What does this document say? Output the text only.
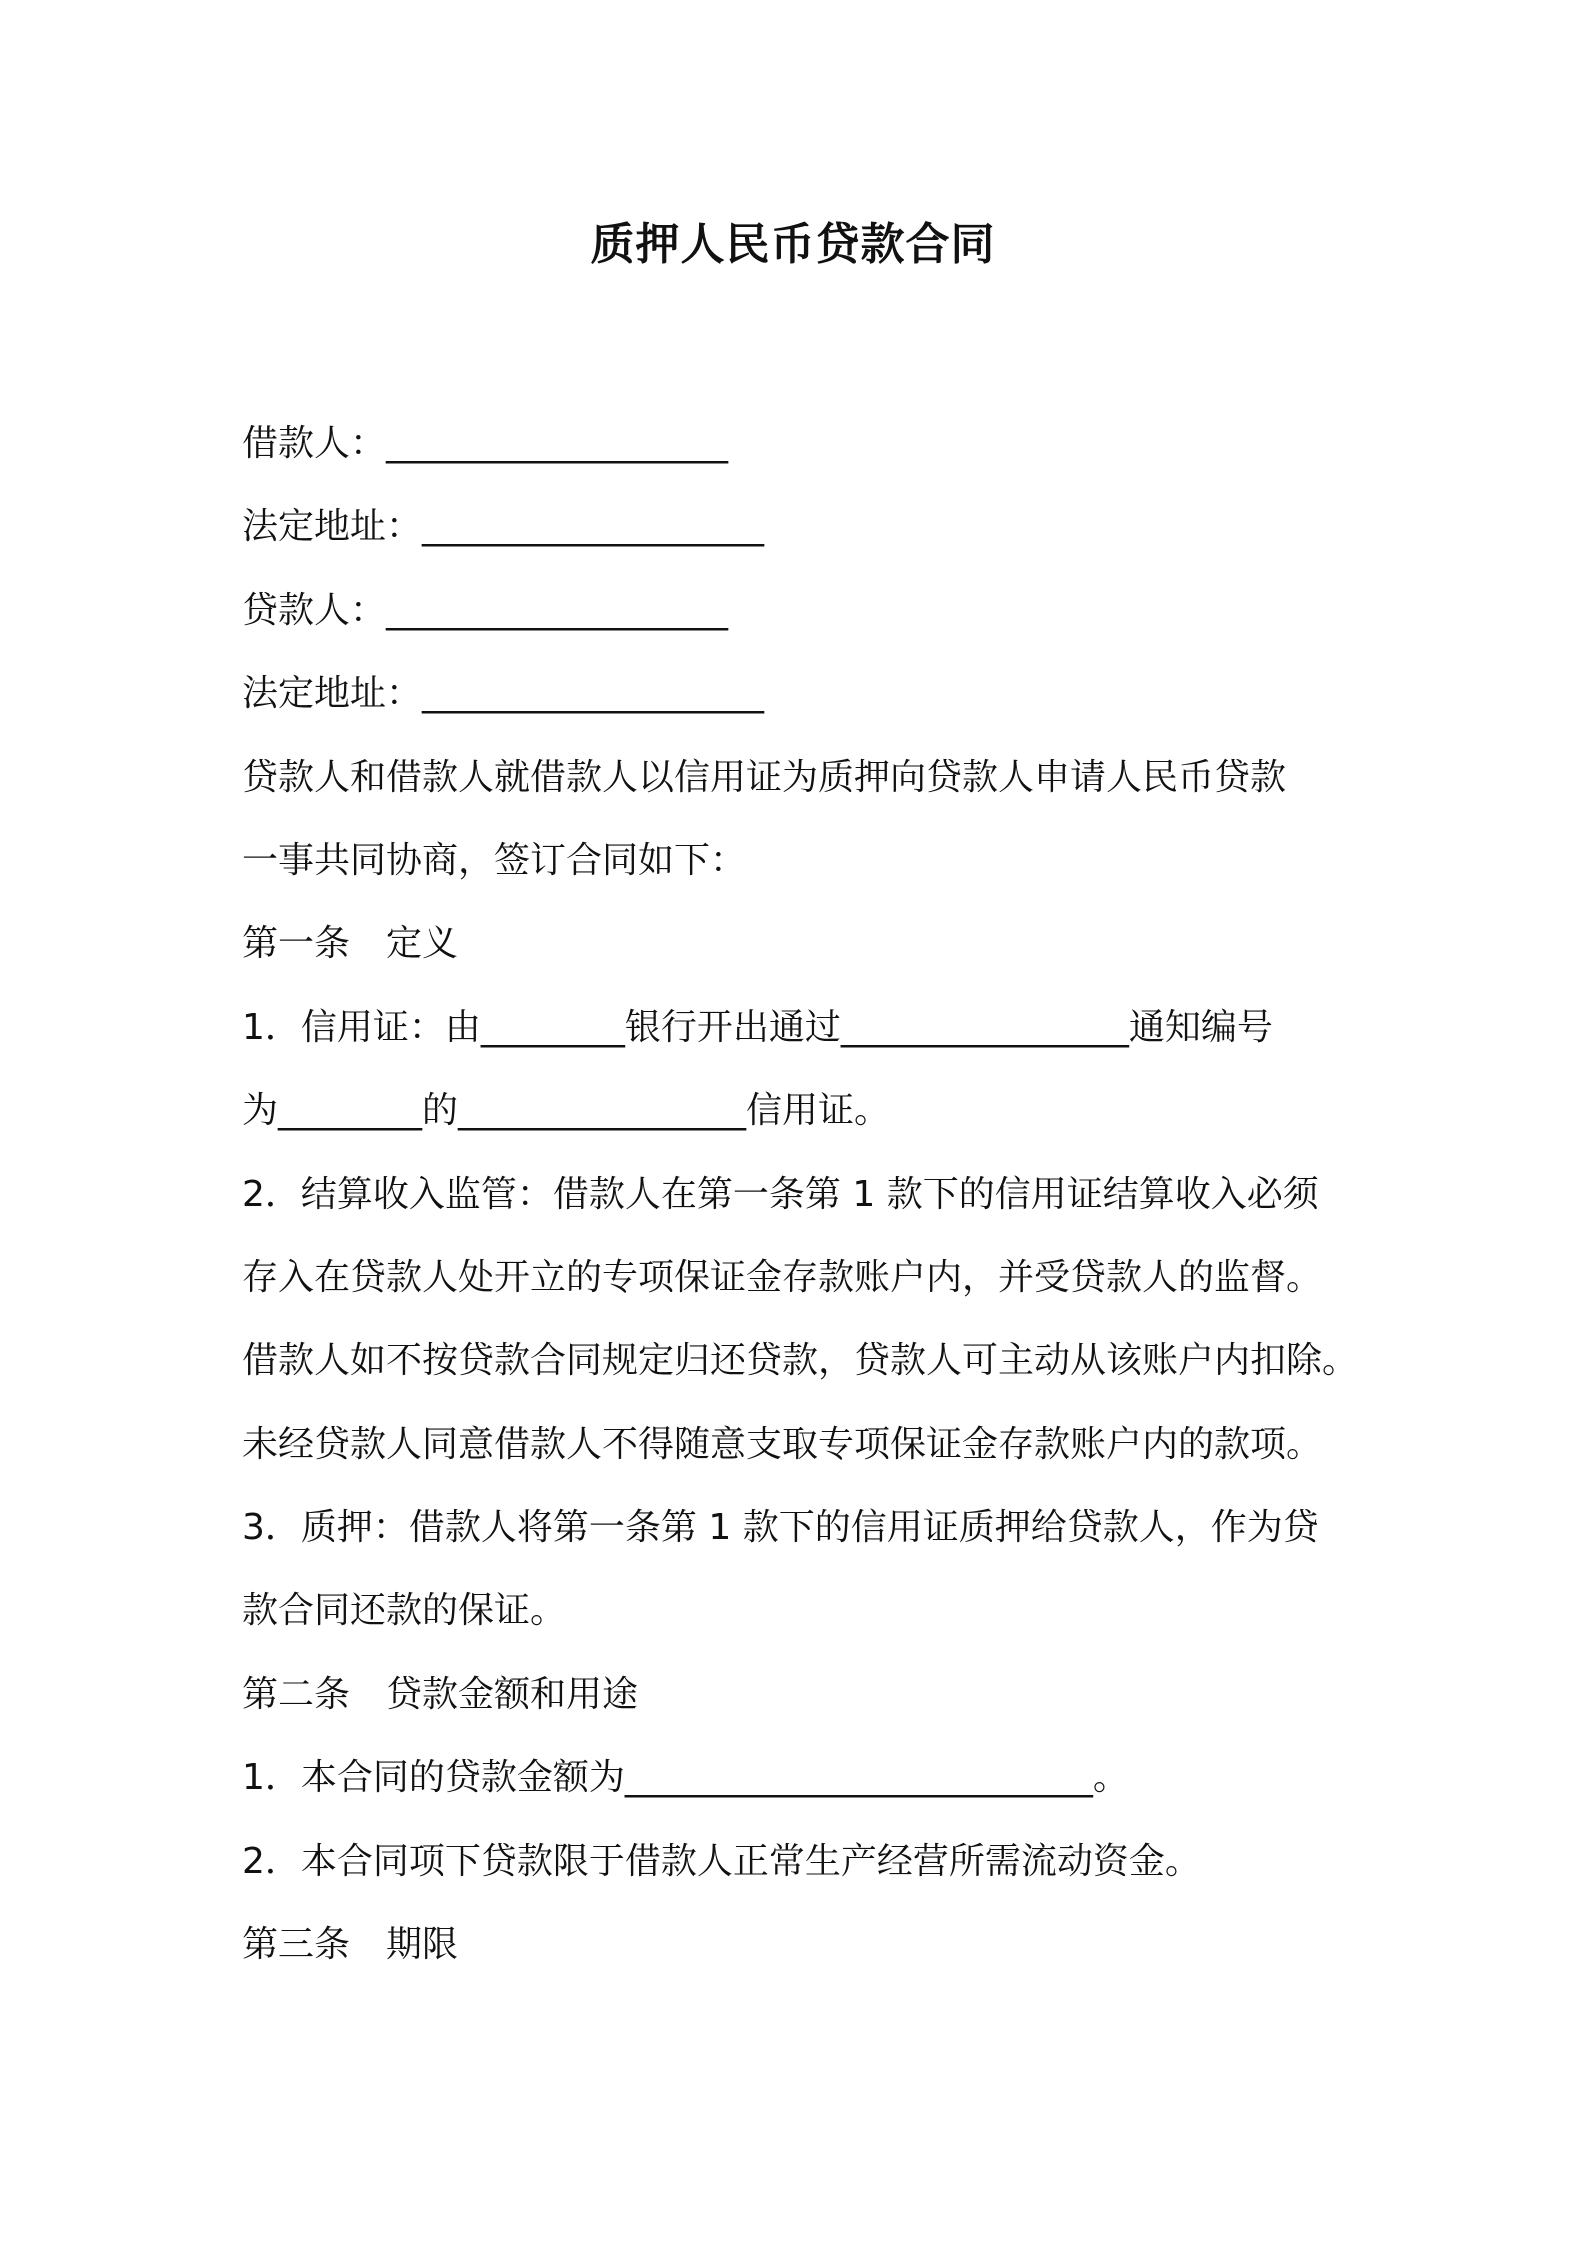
质押人民币贷款合同

借款人：___________________

法定地址：___________________

贷款人：___________________

法定地址：___________________

贷款人和借款人就借款人以信用证为质押向贷款人申请人民币贷款

一事共同协商，签订合同如下：

第一条　定义

1．信用证：由________银行开出通过________________通知编号

为________的________________信用证。

2．结算收入监管：借款人在第一条第 1 款下的信用证结算收入必须

存入在贷款人处开立的专项保证金存款账户内，并受贷款人的监督。

借款人如不按贷款合同规定归还贷款，贷款人可主动从该账户内扣除。

未经贷款人同意借款人不得随意支取专项保证金存款账户内的款项。

3．质押：借款人将第一条第 1 款下的信用证质押给贷款人，作为贷

款合同还款的保证。

第二条　贷款金额和用途

1．本合同的贷款金额为__________________________。

2．本合同项下贷款限于借款人正常生产经营所需流动资金。

第三条　期限
